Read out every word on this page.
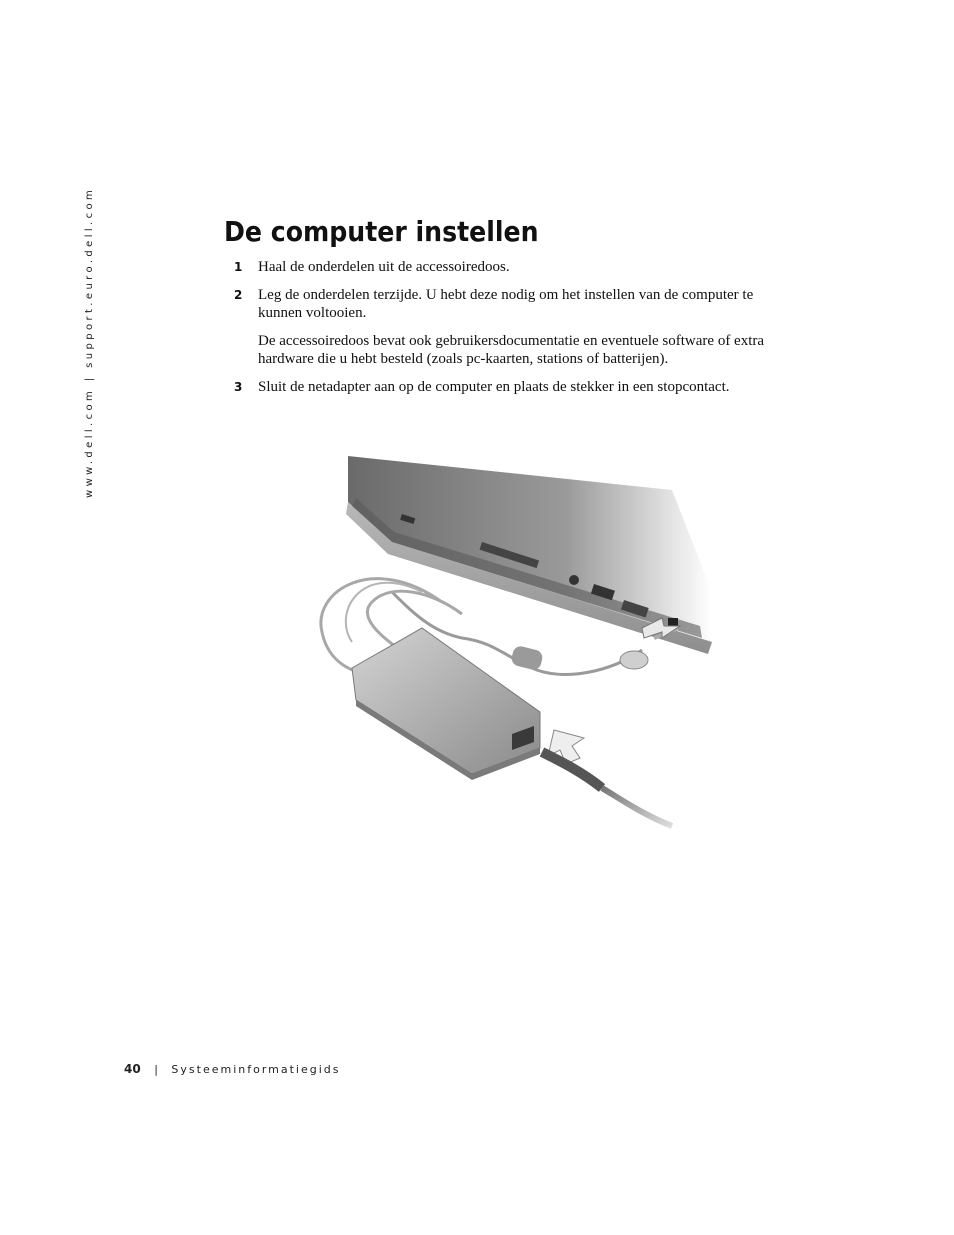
www.dell.com | support.euro.dell.com	De computer instellen
1 Haal de onderdelen uit de accessoiredoos.

2 Leg de onderdelen terzijde. U hebt deze nodig om het instellen van de computer te kunnen voltooien.

De accessoiredoos bevat ook gebruikersdocumentatie en eventuele software of extra hardware die u hebt besteld (zoals pc-kaarten, stations of batterijen).

3 Sluit de netadapter aan op de computer en plaats de stekker in een stopcontact.

40 | Systeeminformatiegids
